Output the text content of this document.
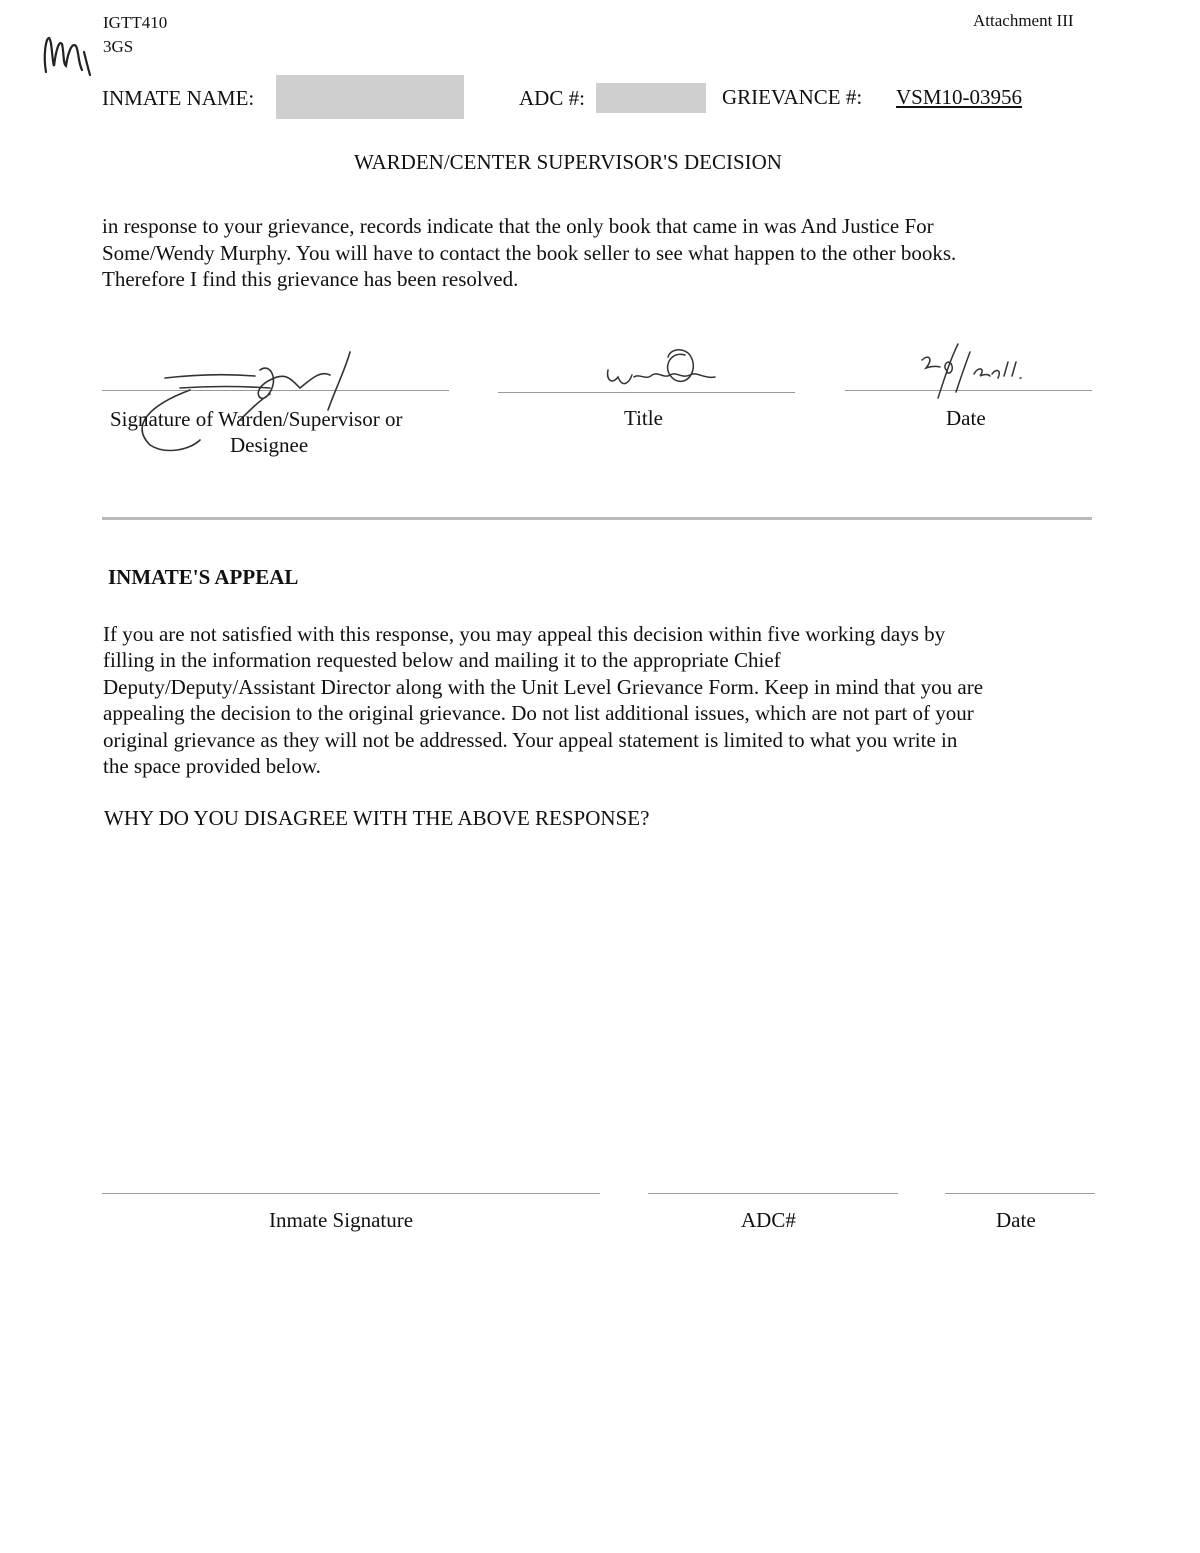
IGTT410
3GS
Attachment III
INMATE NAME:	ADC #:	GRIEVANCE #: VSM10-03956
WARDEN/CENTER SUPERVISOR'S DECISION
in response to your grievance, records indicate that the only book that came in was And Justice For
Some/Wendy Murphy. You will have to contact the book seller to see what happen to the other books.
Therefore I find this grievance has been resolved.
Signature of Warden/Supervisor or
Designee
Title	Date
INMATE'S APPEAL
If you are not satisfied with this response, you may appeal this decision within five working days by
filling in the information requested below and mailing it to the appropriate Chief
Deputy/Deputy/Assistant Director along with the Unit Level Grievance Form. Keep in mind that you are
appealing the decision to the original grievance. Do not list additional issues, which are not part of your
original grievance as they will not be addressed. Your appeal statement is limited to what you write in
the space provided below.
WHY DO YOU DISAGREE WITH THE ABOVE RESPONSE?
Inmate Signature	ADC#	Date
